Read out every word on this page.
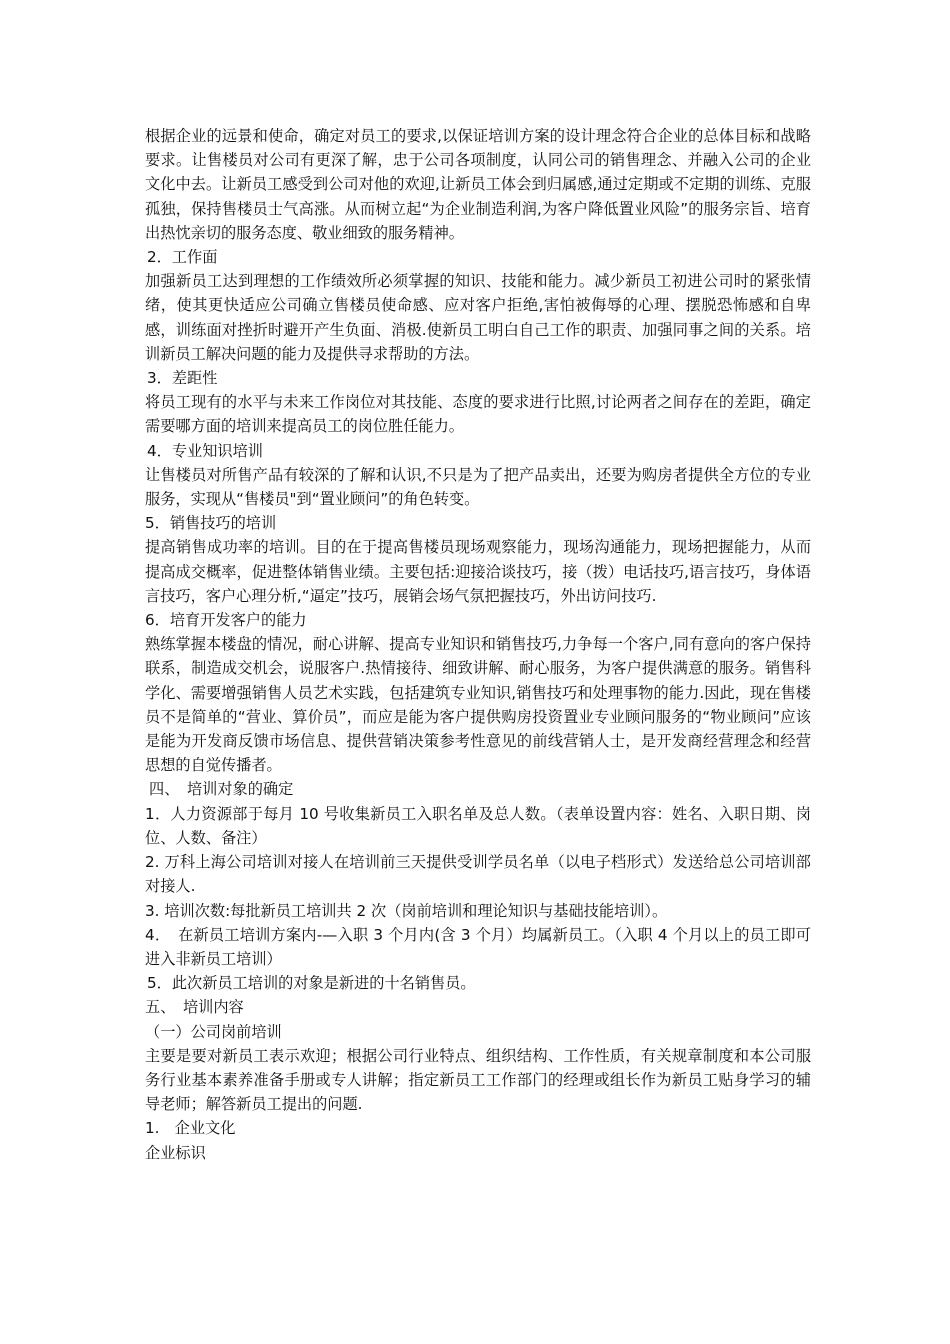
根据企业的远景和使命，确定对员工的要求,以保证培训方案的设计理念符合企业的总体目标和战略要求。让售楼员对公司有更深了解，忠于公司各项制度，认同公司的销售理念、并融入公司的企业文化中去。让新员工感受到公司对他的欢迎,让新员工体会到归属感,通过定期或不定期的训练、克服孤独，保持售楼员士气高涨。从而树立起“为企业制造利润,为客户降低置业风险”的服务宗旨、培育出热忱亲切的服务态度、敬业细致的服务精神。

2．工作面

加强新员工达到理想的工作绩效所必须掌握的知识、技能和能力。减少新员工初进公司时的紧张情绪，使其更快适应公司确立售楼员使命感、应对客户拒绝,害怕被侮辱的心理、摆脱恐怖感和自卑感，训练面对挫折时避开产生负面、消极.使新员工明白自己工作的职责、加强同事之间的关系。培训新员工解决问题的能力及提供寻求帮助的方法。

3．差距性

将员工现有的水平与未来工作岗位对其技能、态度的要求进行比照,讨论两者之间存在的差距，确定需要哪方面的培训来提高员工的岗位胜任能力。

4．专业知识培训

让售楼员对所售产品有较深的了解和认识,不只是为了把产品卖出，还要为购房者提供全方位的专业服务，实现从“售楼员"到“置业顾问”的角色转变。

5．销售技巧的培训

提高销售成功率的培训。目的在于提高售楼员现场观察能力，现场沟通能力，现场把握能力，从而提高成交概率，促进整体销售业绩。主要包括:迎接洽谈技巧，接（拨）电话技巧,语言技巧，身体语言技巧，客户心理分析,“逼定”技巧，展销会场气氛把握技巧，外出访问技巧.

6．培育开发客户的能力

熟练掌握本楼盘的情况，耐心讲解、提高专业知识和销售技巧,力争每一个客户,同有意向的客户保持联系，制造成交机会，说服客户.热情接待、细致讲解、耐心服务，为客户提供满意的服务。销售科学化、需要增强销售人员艺术实践，包括建筑专业知识,销售技巧和处理事物的能力.因此，现在售楼员不是简单的“营业、算价员”，而应是能为客户提供购房投资置业专业顾问服务的“物业顾问”应该是能为开发商反馈市场信息、提供营销决策参考性意见的前线营销人士，是开发商经营理念和经营思想的自觉传播者。

四、　培训对象的确定

1．人力资源部于每月 10 号收集新员工入职名单及总人数。（表单设置内容：姓名、入职日期、岗位、人数、备注）

2. 万科上海公司培训对接人在培训前三天提供受训学员名单（以电子档形式）发送给总公司培训部对接人.

3. 培训次数:每批新员工培训共 2 次（岗前培训和理论知识与基础技能培训）。

4．　在新员工培训方案内-—入职 3 个月内(含 3 个月）均属新员工。（入职 4 个月以上的员工即可进入非新员工培训）

5．此次新员工培训的对象是新进的十名销售员。

五、　培训内容

（一）公司岗前培训

主要是要对新员工表示欢迎；根据公司行业特点、组织结构、工作性质，有关规章制度和本公司服务行业基本素养准备手册或专人讲解；指定新员工工作部门的经理或组长作为新员工贴身学习的辅导老师；解答新员工提出的问题.

1.　企业文化

企业标识
